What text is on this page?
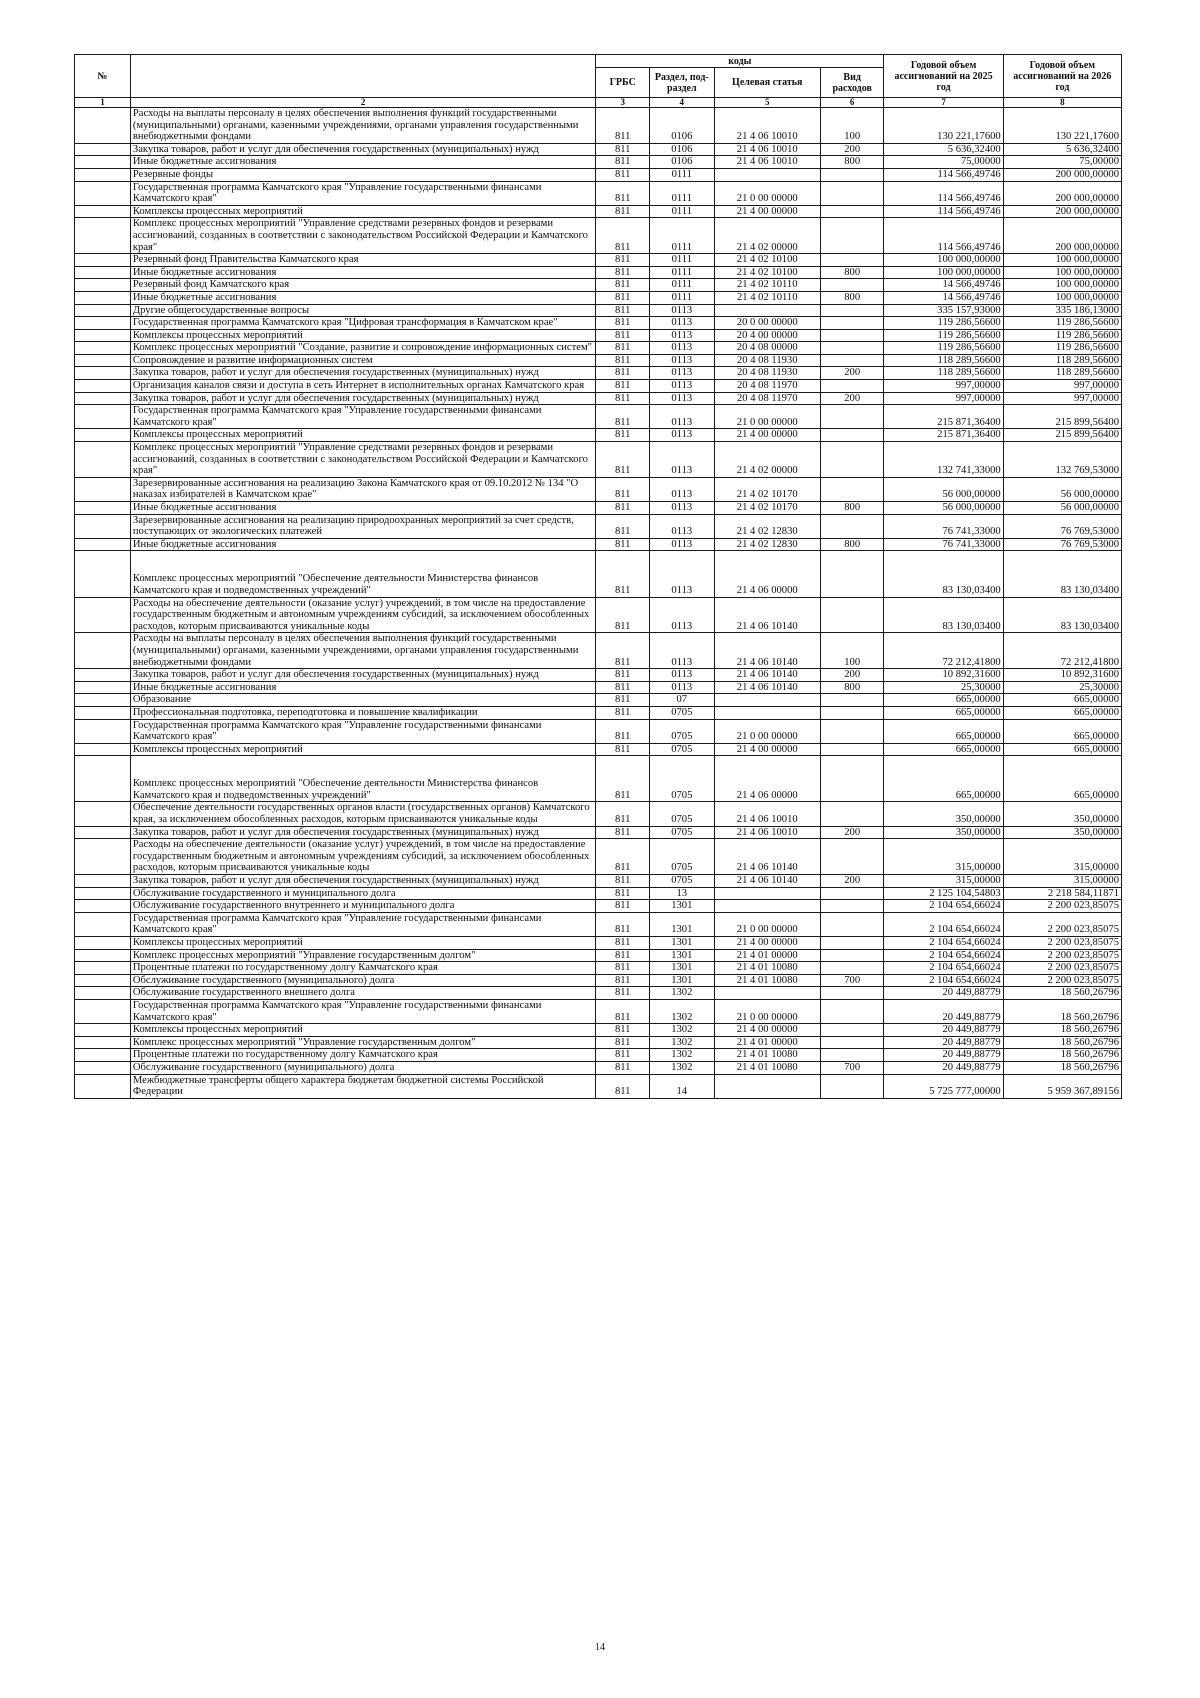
№		коды				Годовой объем ассигнований на 2025 год	Годовой объем ассигнований на 2026 год
		ГРБС	Раздел, под-раздел	Целевая статья	Вид расходов		
1	2	3	4	5	6	7	8
	Расходы на выплаты персоналу в целях обеспечения выполнения функций государственными (муниципальными) органами, казенными учреждениями, органами управления государственными внебюджетными фондами	811	0106	21 4 06 10010	100	130 221,17600	130 221,17600
	Закупка товаров, работ и услуг для обеспечения государственных (муниципальных) нужд	811	0106	21 4 06 10010	200	5 636,32400	5 636,32400
	Иные бюджетные ассигнования	811	0106	21 4 06 10010	800	75,00000	75,00000
	Резервные фонды	811	0111			114 566,49746	200 000,00000
	Государственная программа Камчатского края "Управление государственными финансами Камчатского края"	811	0111	21 0 00 00000		114 566,49746	200 000,00000
	Комплексы процессных мероприятий	811	0111	21 4 00 00000		114 566,49746	200 000,00000
	Комплекс процессных мероприятий "Управление средствами резервных фондов и резервами ассигнований, созданных в соответствии с законодательством Российской Федерации и Камчатского края"	811	0111	21 4 02 00000		114 566,49746	200 000,00000
	Резервный фонд Правительства Камчатского края	811	0111	21 4 02 10100		100 000,00000	100 000,00000
	Иные бюджетные ассигнования	811	0111	21 4 02 10100	800	100 000,00000	100 000,00000
	Резервный фонд Камчатского края	811	0111	21 4 02 10110		14 566,49746	100 000,00000
	Иные бюджетные ассигнования	811	0111	21 4 02 10110	800	14 566,49746	100 000,00000
	Другие общегосударственные вопросы	811	0113			335 157,93000	335 186,13000
	Государственная программа Камчатского края "Цифровая трансформация в Камчатском крае"	811	0113	20 0 00 00000		119 286,56600	119 286,56600
	Комплексы процессных мероприятий	811	0113	20 4 00 00000		119 286,56600	119 286,56600
	Комплекс процессных мероприятий "Создание, развитие и сопровождение информационных систем"	811	0113	20 4 08 00000		119 286,56600	119 286,56600
	Сопровождение и развитие информационных систем	811	0113	20 4 08 11930		118 289,56600	118 289,56600
	Закупка товаров, работ и услуг для обеспечения государственных (муниципальных) нужд	811	0113	20 4 08 11930	200	118 289,56600	118 289,56600
	Организация каналов связи и доступа в сеть Интернет в исполнительных органах Камчатского края	811	0113	20 4 08 11970		997,00000	997,00000
	Закупка товаров, работ и услуг для обеспечения государственных (муниципальных) нужд	811	0113	20 4 08 11970	200	997,00000	997,00000
	Государственная программа Камчатского края "Управление государственными финансами Камчатского края"	811	0113	21 0 00 00000		215 871,36400	215 899,56400
	Комплексы процессных мероприятий	811	0113	21 4 00 00000		215 871,36400	215 899,56400
	Комплекс процессных мероприятий "Управление средствами резервных фондов и резервами ассигнований, созданных в соответствии с законодательством Российской Федерации и Камчатского края"	811	0113	21 4 02 00000		132 741,33000	132 769,53000
	Зарезервированные ассигнования на реализацию Закона Камчатского края от 09.10.2012 № 134 "О наказах избирателей в Камчатском крае"	811	0113	21 4 02 10170		56 000,00000	56 000,00000
	Иные бюджетные ассигнования	811	0113	21 4 02 10170	800	56 000,00000	56 000,00000
	Зарезервированные ассигнования на реализацию природоохранных мероприятий за счет средств, поступающих от экологических платежей	811	0113	21 4 02 12830		76 741,33000	76 769,53000
	Иные бюджетные ассигнования	811	0113	21 4 02 12830	800	76 741,33000	76 769,53000
	Комплекс процессных мероприятий "Обеспечение деятельности Министерства финансов Камчатского края и подведомственных учреждений"	811	0113	21 4 06 00000		83 130,03400	83 130,03400
	Расходы на обеспечение деятельности (оказание услуг) учреждений, в том числе на предоставление государственным бюджетным и автономным учреждениям субсидий, за исключением обособленных расходов, которым присваиваются уникальные коды	811	0113	21 4 06 10140		83 130,03400	83 130,03400
	Расходы на выплаты персоналу в целях обеспечения выполнения функций государственными (муниципальными) органами, казенными учреждениями, органами управления государственными внебюджетными фондами	811	0113	21 4 06 10140	100	72 212,41800	72 212,41800
	Закупка товаров, работ и услуг для обеспечения государственных (муниципальных) нужд	811	0113	21 4 06 10140	200	10 892,31600	10 892,31600
	Иные бюджетные ассигнования	811	0113	21 4 06 10140	800	25,30000	25,30000
	Образование	811	07			665,00000	665,00000
	Профессиональная подготовка, переподготовка и повышение квалификации	811	0705			665,00000	665,00000
	Государственная программа Камчатского края "Управление государственными финансами Камчатского края"	811	0705	21 0 00 00000		665,00000	665,00000
	Комплексы процессных мероприятий	811	0705	21 4 00 00000		665,00000	665,00000
	Комплекс процессных мероприятий "Обеспечение деятельности Министерства финансов Камчатского края и подведомственных учреждений"	811	0705	21 4 06 00000		665,00000	665,00000
	Обеспечение деятельности государственных органов власти (государственных органов) Камчатского края, за исключением обособленных расходов, которым присваиваются уникальные коды	811	0705	21 4 06 10010		350,00000	350,00000
	Закупка товаров, работ и услуг для обеспечения государственных (муниципальных) нужд	811	0705	21 4 06 10010	200	350,00000	350,00000
	Расходы на обеспечение деятельности (оказание услуг) учреждений, в том числе на предоставление государственным бюджетным и автономным учреждениям субсидий, за исключением обособленных расходов, которым присваиваются уникальные коды	811	0705	21 4 06 10140		315,00000	315,00000
	Закупка товаров, работ и услуг для обеспечения государственных (муниципальных) нужд	811	0705	21 4 06 10140	200	315,00000	315,00000
	Обслуживание государственного и муниципального долга	811	13			2 125 104,54803	2 218 584,11871
	Обслуживание государственного внутреннего и муниципального долга	811	1301			2 104 654,66024	2 200 023,85075
	Государственная программа Камчатского края "Управление государственными финансами Камчатского края"	811	1301	21 0 00 00000		2 104 654,66024	2 200 023,85075
	Комплексы процессных мероприятий	811	1301	21 4 00 00000		2 104 654,66024	2 200 023,85075
	Комплекс процессных мероприятий "Управление государственным долгом"	811	1301	21 4 01 00000		2 104 654,66024	2 200 023,85075
	Процентные платежи по государственному долгу Камчатского края	811	1301	21 4 01 10080		2 104 654,66024	2 200 023,85075
	Обслуживание государственного (муниципального) долга	811	1301	21 4 01 10080	700	2 104 654,66024	2 200 023,85075
	Обслуживание государственного внешнего долга	811	1302			20 449,88779	18 560,26796
	Государственная программа Камчатского края "Управление государственными финансами Камчатского края"	811	1302	21 0 00 00000		20 449,88779	18 560,26796
	Комплексы процессных мероприятий	811	1302	21 4 00 00000		20 449,88779	18 560,26796
	Комплекс процессных мероприятий "Управление государственным долгом"	811	1302	21 4 01 00000		20 449,88779	18 560,26796
	Процентные платежи по государственному долгу Камчатского края	811	1302	21 4 01 10080		20 449,88779	18 560,26796
	Обслуживание государственного (муниципального) долга	811	1302	21 4 01 10080	700	20 449,88779	18 560,26796
	Межбюджетные трансферты общего характера бюджетам бюджетной системы Российской Федерации	811	14			5 725 777,00000	5 959 367,89156
14
